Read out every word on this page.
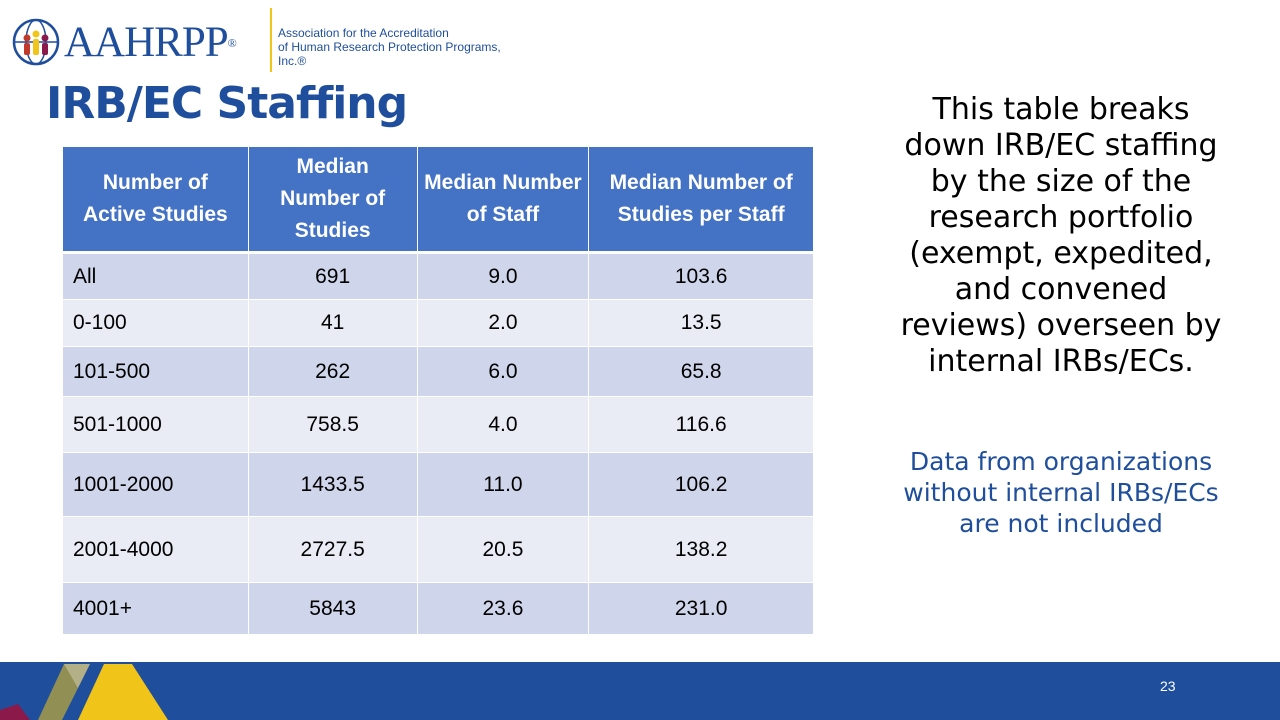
AAHRPP®
Association for the Accreditation
of Human Research Protection Programs, Inc.®
IRB/EC Staffing
Number of Active Studies	Median Number of Studies	Median Number of Staff	Median Number of Studies per Staff
All	691	9.0	103.6
0-100	41	2.0	13.5
101-500	262	6.0	65.8
501-1000	758.5	4.0	116.6
1001-2000	1433.5	11.0	106.2
2001-4000	2727.5	20.5	138.2
4001+	5843	23.6	231.0

This table breaks down IRB/EC staffing by the size of the research portfolio (exempt, expedited, and convened reviews) overseen by internal IRBs/ECs.

Data from organizations without internal IRBs/ECs are not included

23
